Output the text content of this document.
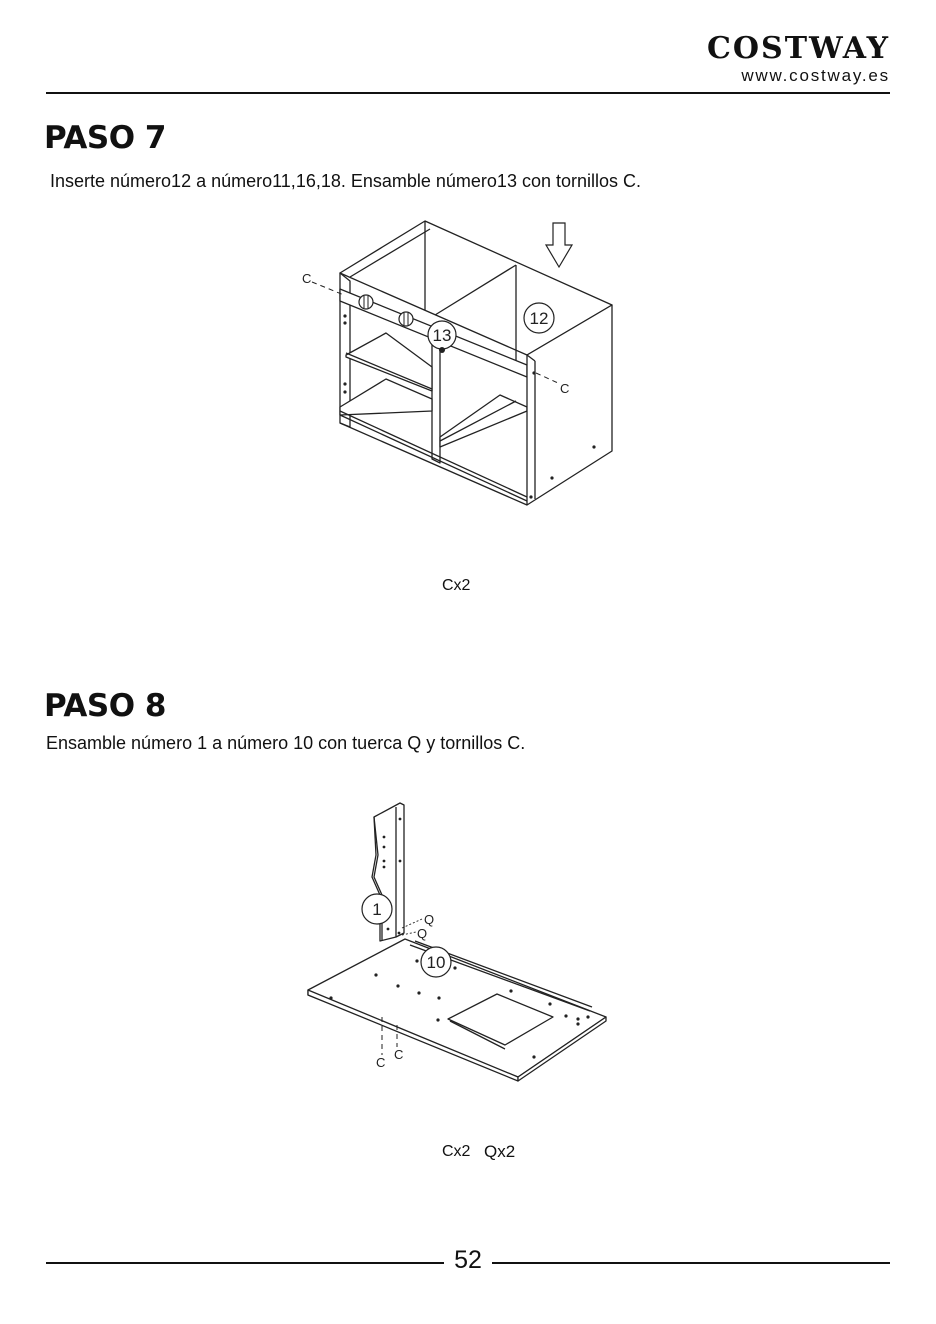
COSTWAY
www.costway.es
PASO 7
Inserte número12 a número11,16,18. Ensamble número13 con tornillos C.
12
13
C
C
Cx2
PASO 8
Ensamble número 1 a número 10 con tuerca Q y tornillos C.
1
10
Q
Q
C
C
Cx2 Qx2
52
